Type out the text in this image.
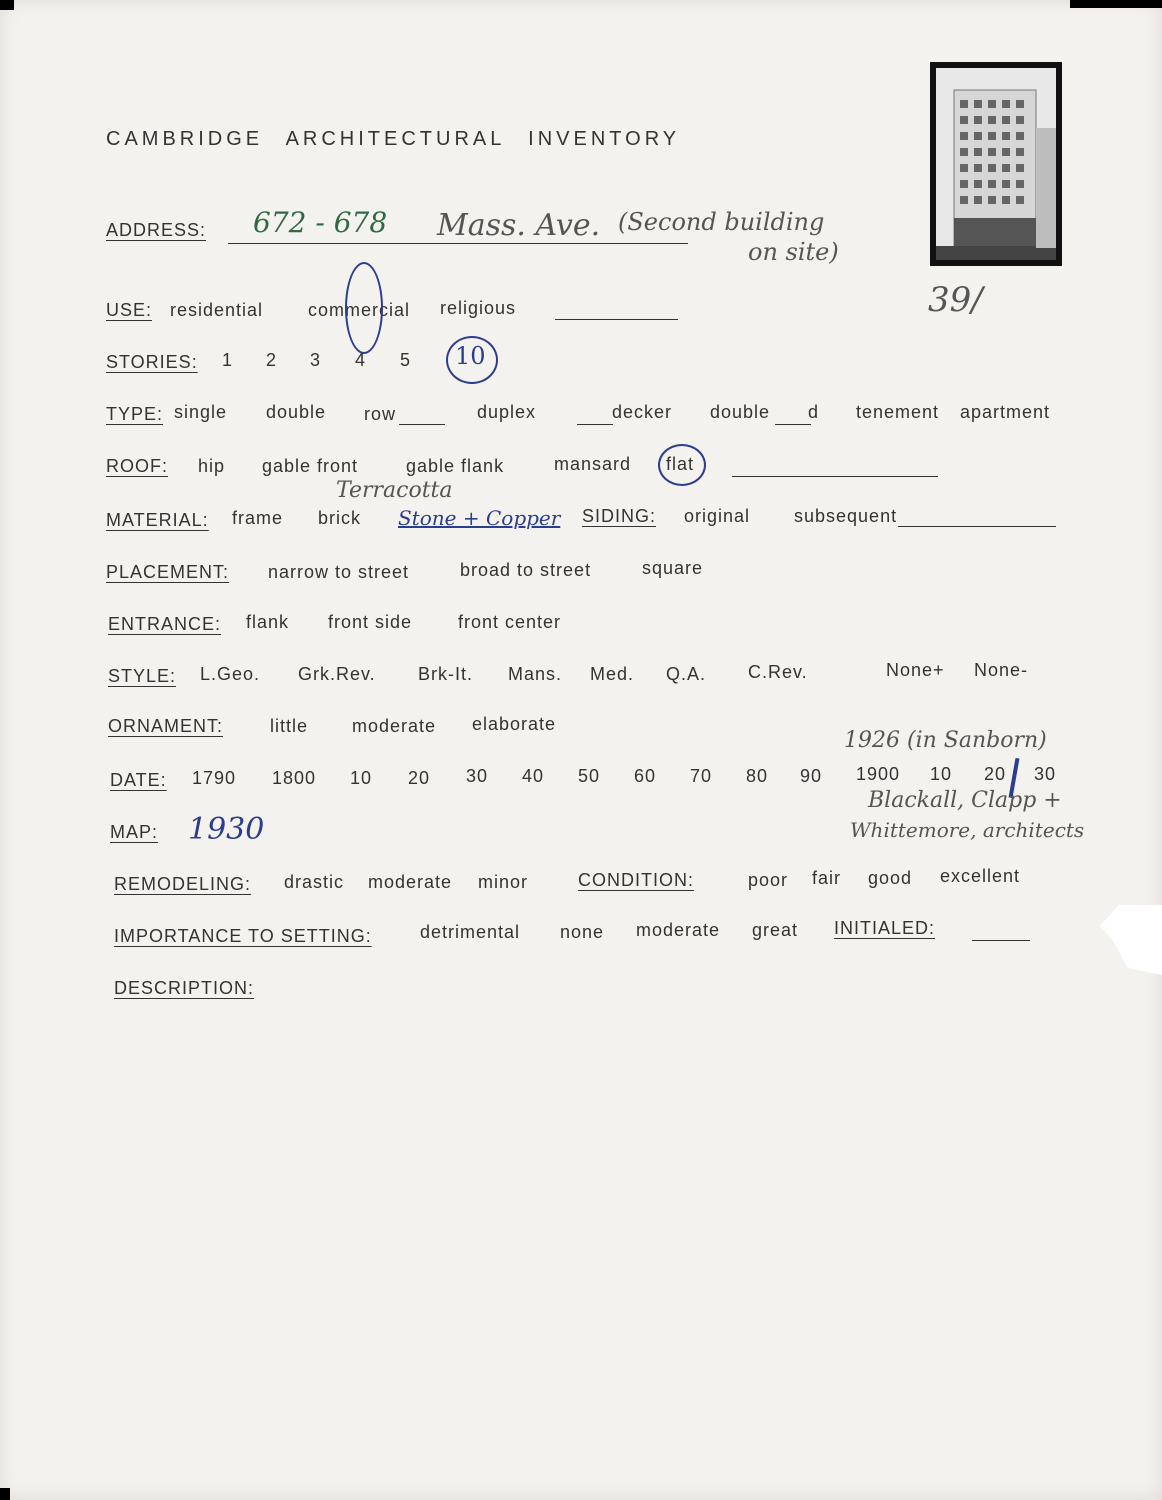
CAMBRIDGE ARCHITECTURAL INVENTORY
39/
ADDRESS: 672 - 678 Mass. Ave. (Second building
on site)
USE: residential commercial religious
STORIES: 1 2 3 4 5 10
TYPE: single double row	duplex	decker double d tenement apartment
ROOF: hip gable front	gable flank	mansard flat
MATERIAL: frame brick
Terracotta
Stone + Copper SIDING: original subsequent
PLACEMENT: narrow to street	broad to street	square
ENTRANCE: flank front side	front center
STYLE: L.Geo. Grk.Rev. Brk-It. Mans. Med. Q.A. C.Rev.	None+ None-
ORNAMENT:	little moderate elaborate
1926 (in Sanborn)
DATE: 1790 1800 10 20 30 40 50 60 70 80 90 1900 10 20 30
Blackall, Clapp +
Whittemore, architects
MAP: 1930
REMODELING: drastic moderate minor	CONDITION:	poor fair good excellent
IMPORTANCE TO SETTING:	detrimental none moderate great INITIALED:
DESCRIPTION:
